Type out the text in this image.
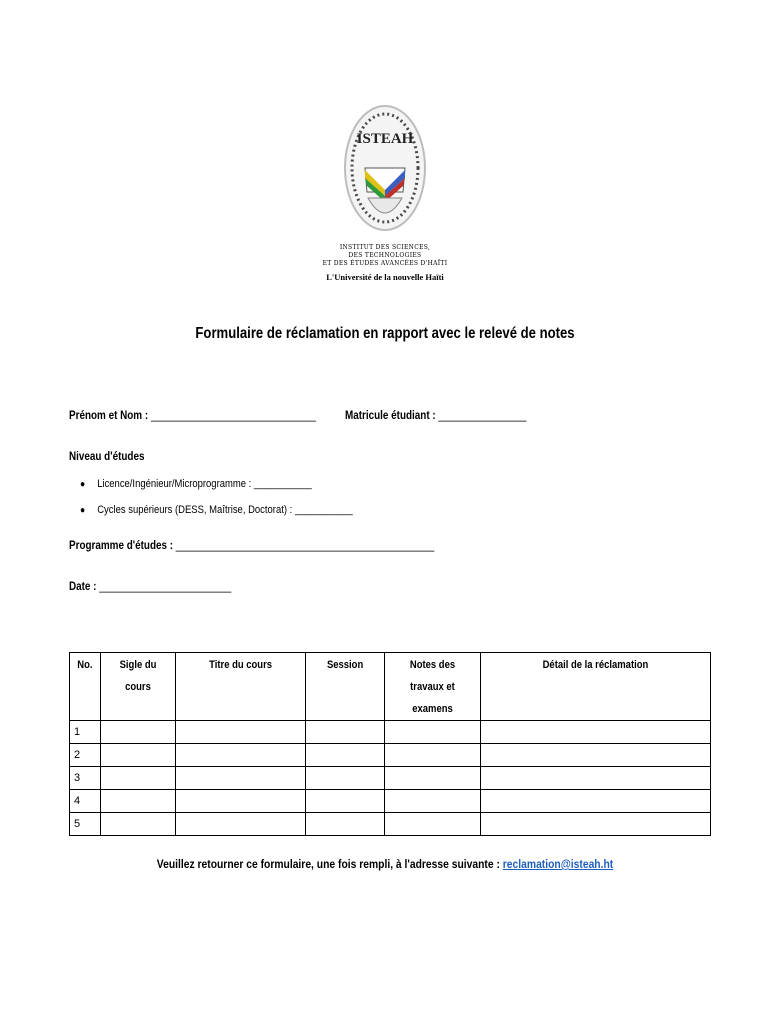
ISTEAH
INSTITUT DES SCIENCES,
DES TECHNOLOGIES
ET DES ÉTUDES AVANCÉES D'HAÏTI
L'Université de la nouvelle Haïti
Formulaire de réclamation en rapport avec le relevé de notes
Prénom et Nom : ______________________________	Matricule étudiant : ________________
Niveau d'études
● Licence/Ingénieur/Microprogramme : ___________
● Cycles supérieurs (DESS, Maîtrise, Doctorat) : ___________
Programme d'études : _______________________________________________
Date : ________________________
No.	Sigle du cours	Titre du cours	Session	Notes des travaux et examens	Détail de la réclamation
1					
2					
3					
4					
5					
Veuillez retourner ce formulaire, une fois rempli, à l'adresse suivante : reclamation@isteah.ht
